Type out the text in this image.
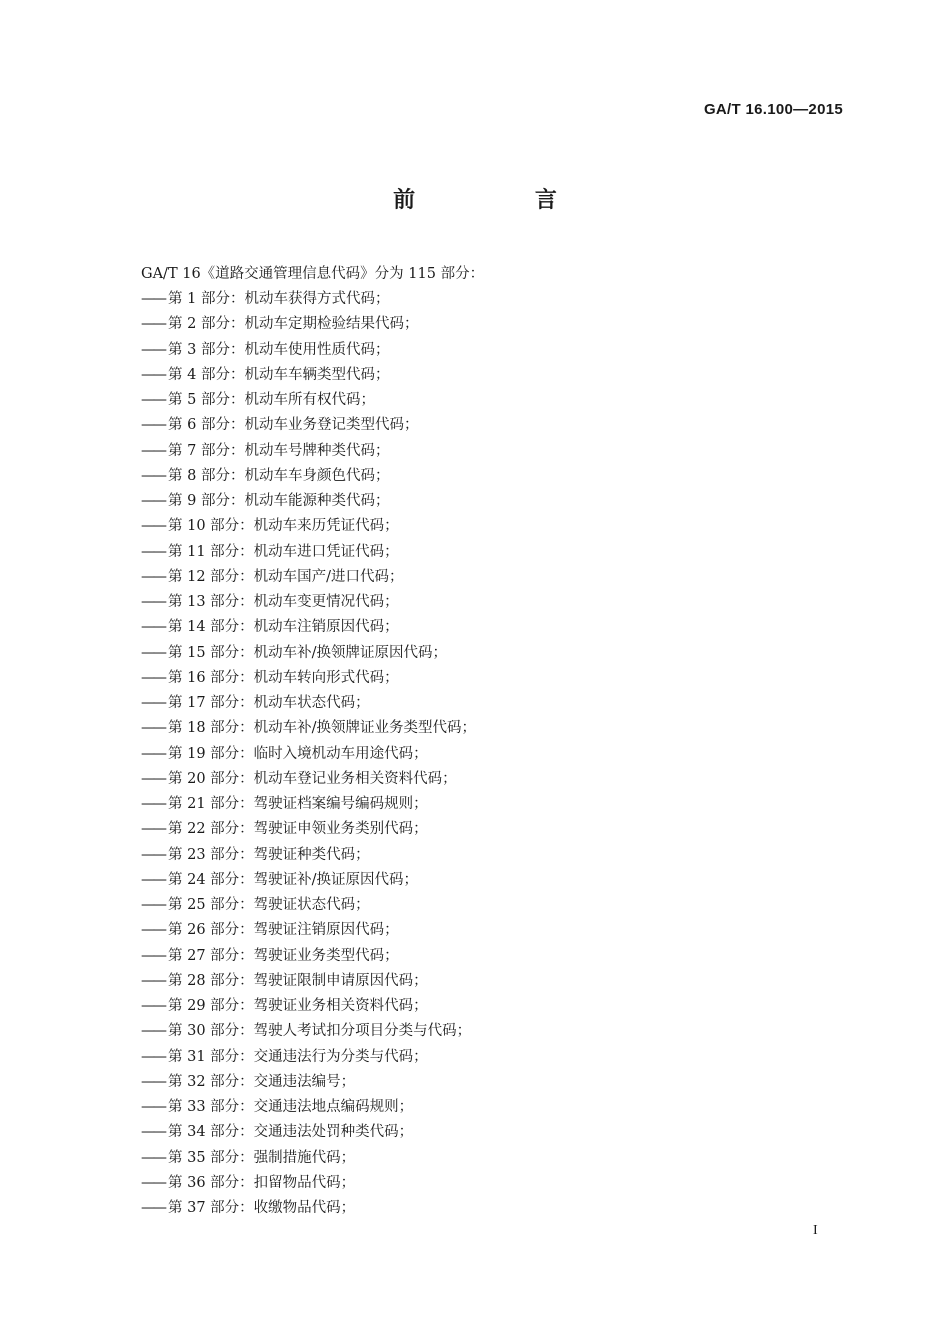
GA/T 16.100—2015
前 言
GA/T 16《道路交通管理信息代码》分为 115 部分：
—— 第 1 部分：机动车获得方式代码；
—— 第 2 部分：机动车定期检验结果代码；
—— 第 3 部分：机动车使用性质代码；
—— 第 4 部分：机动车车辆类型代码；
—— 第 5 部分：机动车所有权代码；
—— 第 6 部分：机动车业务登记类型代码；
—— 第 7 部分：机动车号牌种类代码；
—— 第 8 部分：机动车车身颜色代码；
—— 第 9 部分：机动车能源种类代码；
—— 第 10 部分：机动车来历凭证代码；
—— 第 11 部分：机动车进口凭证代码；
—— 第 12 部分：机动车国产/进口代码；
—— 第 13 部分：机动车变更情况代码；
—— 第 14 部分：机动车注销原因代码；
—— 第 15 部分：机动车补/换领牌证原因代码；
—— 第 16 部分：机动车转向形式代码；
—— 第 17 部分：机动车状态代码；
—— 第 18 部分：机动车补/换领牌证业务类型代码；
—— 第 19 部分：临时入境机动车用途代码；
—— 第 20 部分：机动车登记业务相关资料代码；
—— 第 21 部分：驾驶证档案编号编码规则；
—— 第 22 部分：驾驶证申领业务类别代码；
—— 第 23 部分：驾驶证种类代码；
—— 第 24 部分：驾驶证补/换证原因代码；
—— 第 25 部分：驾驶证状态代码；
—— 第 26 部分：驾驶证注销原因代码；
—— 第 27 部分：驾驶证业务类型代码；
—— 第 28 部分：驾驶证限制申请原因代码；
—— 第 29 部分：驾驶证业务相关资料代码；
—— 第 30 部分：驾驶人考试扣分项目分类与代码；
—— 第 31 部分：交通违法行为分类与代码；
—— 第 32 部分：交通违法编号；
—— 第 33 部分：交通违法地点编码规则；
—— 第 34 部分：交通违法处罚种类代码；
—— 第 35 部分：强制措施代码；
—— 第 36 部分：扣留物品代码；
—— 第 37 部分：收缴物品代码；
I
